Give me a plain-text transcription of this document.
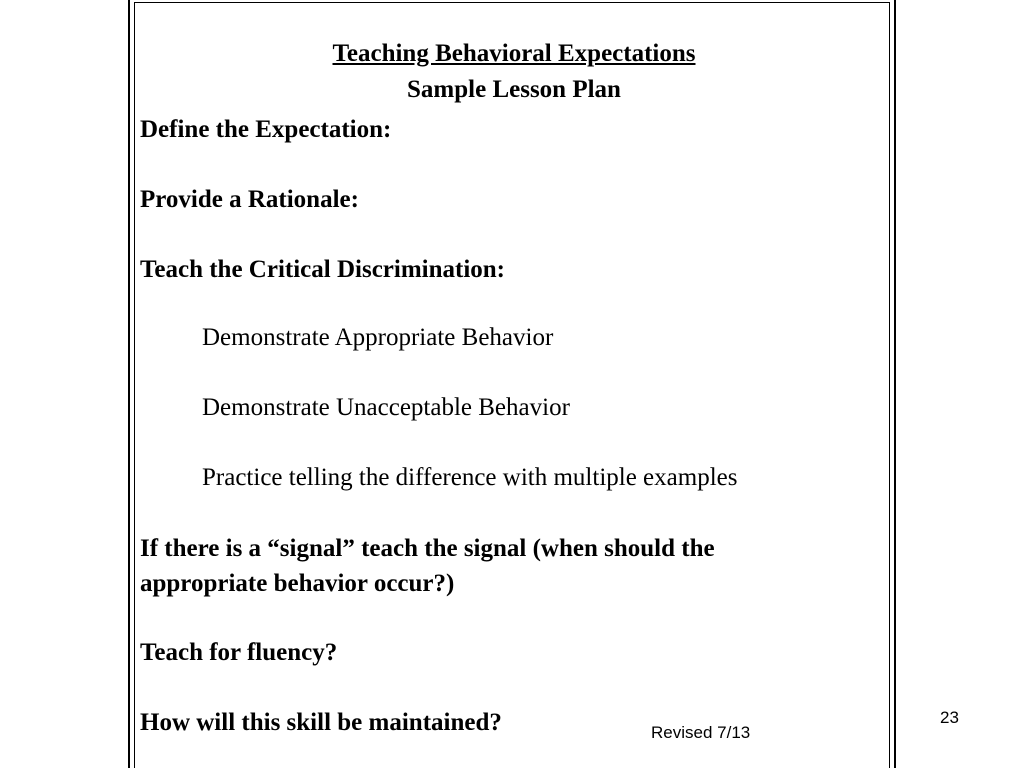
Teaching Behavioral Expectations
Sample Lesson Plan
Define the Expectation:
Provide a Rationale:
Teach the Critical Discrimination:
Demonstrate Appropriate Behavior
Demonstrate Unacceptable Behavior
Practice telling the difference with multiple examples
If there is a “signal” teach the signal (when should the
appropriate behavior occur?)
Teach for fluency?
How will this skill be maintained?	Revised 7/13
23
